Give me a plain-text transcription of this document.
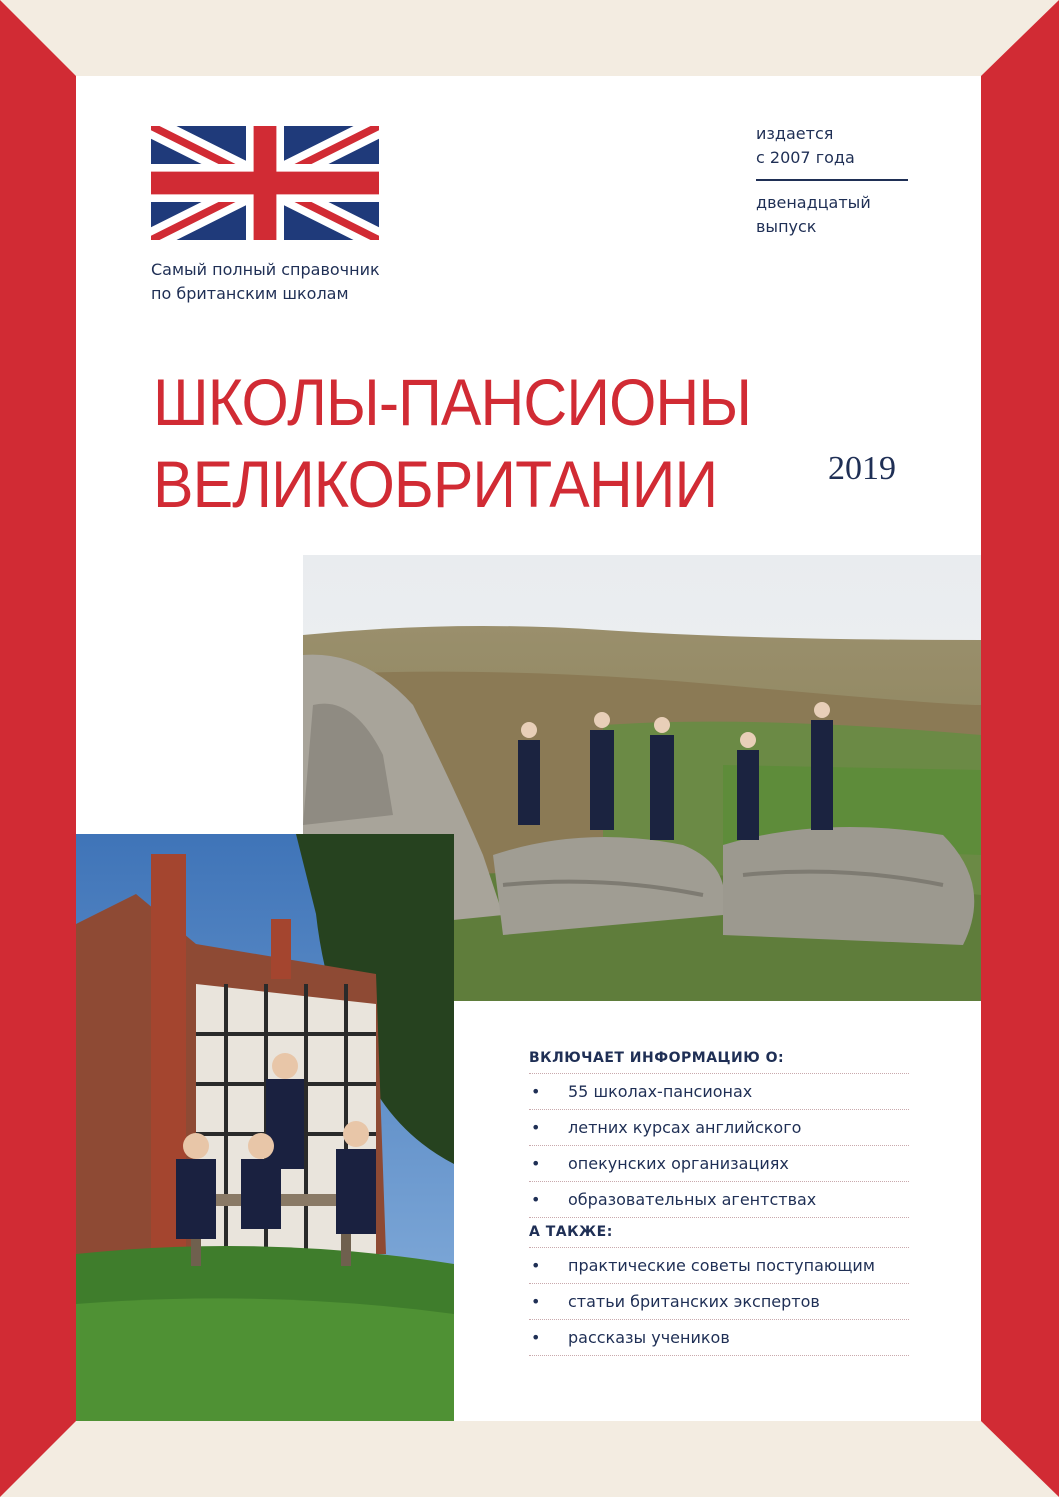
Самый полный справочник
по британским школам
издается
с 2007 года
двенадцатый
выпуск
ШКОЛЫ-ПАНСИОНЫ
ВЕЛИКОБРИТАНИИ	2019
ВКЛЮЧАЕТ ИНФОРМАЦИЮ О:
• 55 школах-пансионах
• летних курсах английского
• опекунских организациях
• образовательных агентствах
А ТАКЖЕ:
• практические советы поступающим
• статьи британских экспертов
• рассказы учеников
